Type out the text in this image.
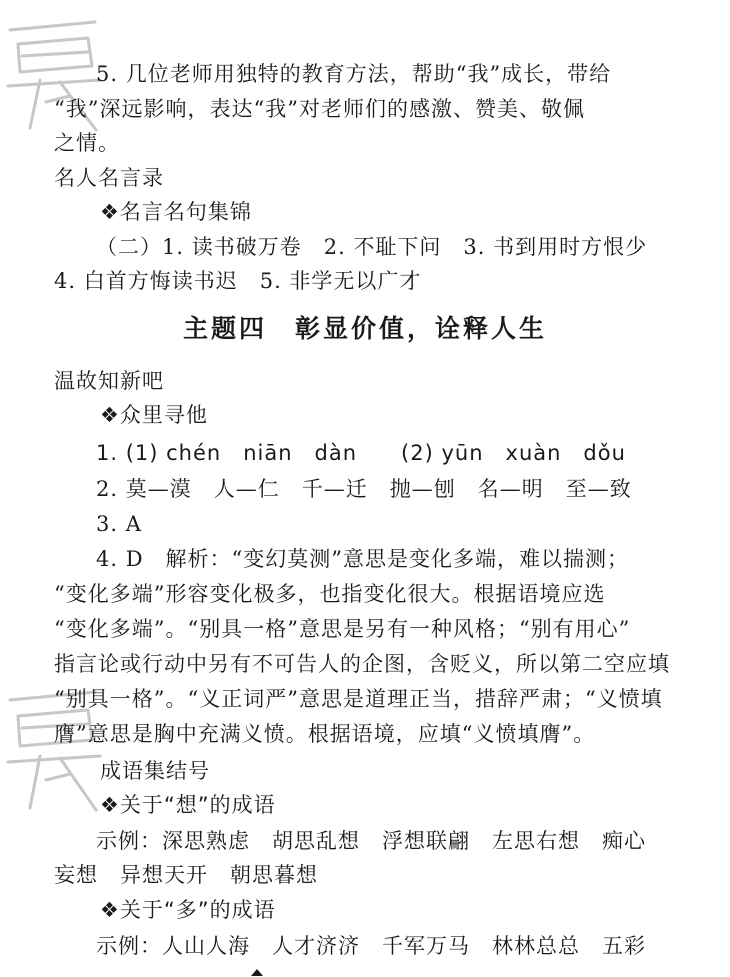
5. 几位老师用独特的教育方法，帮助“我”成长，带给
“我”深远影响，表达“我”对老师们的感激、赞美、敬佩
之情。
名人名言录
❖名言名句集锦
（二）1. 读书破万卷　2. 不耻下问　3. 书到用时方恨少
4. 白首方悔读书迟　5. 非学无以广才
主题四　彰显价值，诠释人生
温故知新吧
❖众里寻他
1. (1) chén　niān　dàn　　(2) yūn　xuàn　dǒu
2. 莫—漠　人—仁　千—迁　抛—刨　名—明　至—致
3. A
4. D　解析：“变幻莫测”意思是变化多端，难以揣测；
“变化多端”形容变化极多，也指变化很大。根据语境应选
“变化多端”。“别具一格”意思是另有一种风格；“别有用心”
指言论或行动中另有不可告人的企图，含贬义，所以第二空应填
“别具一格”。“义正词严”意思是道理正当，措辞严肃；“义愤填
膺”意思是胸中充满义愤。根据语境，应填“义愤填膺”。
成语集结号
❖关于“想”的成语
示例：深思熟虑　胡思乱想　浮想联翩　左思右想　痴心
妄想　异想天开　朝思暮想
❖关于“多”的成语
示例：人山人海　人才济济　千军万马　林林总总　五彩
